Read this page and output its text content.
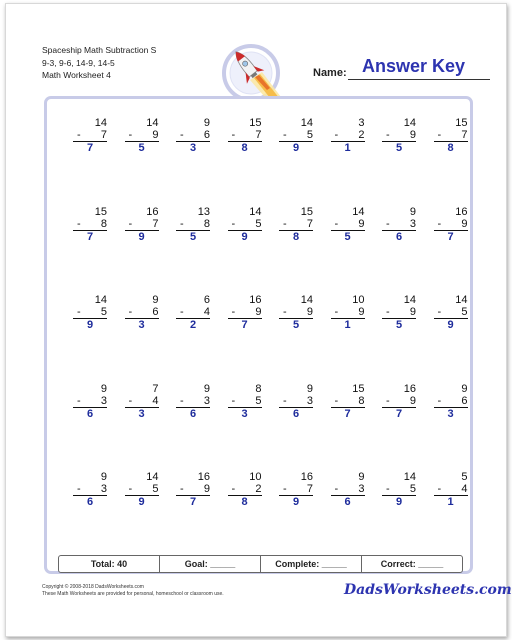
Spaceship Math Subtraction S
9-3, 9-6, 14-9, 14-5
Math Worksheet 4	Name: Answer Key
14
- 7
7
14
- 9
5
9
- 6
3
15
- 7
8
14
- 5
9
3
- 2
1
14
- 9
5
15
- 7
8
15
- 8
7
16
- 7
9
13
- 8
5
14
- 5
9
15
- 7
8
14
- 9
5
9
- 3
6
16
- 9
7
14
- 5
9
9
- 6
3
6
- 4
2
16
- 9
7
14
- 9
5
10
- 9
1
14
- 9
5
14
- 5
9
9
- 3
6
7
- 4
3
9
- 3
6
8
- 5
3
9
- 3
6
15
- 8
7
16
- 9
7
9
- 6
3
9
- 3
6
14
- 5
9
16
- 9
7
10
- 2
8
16
- 7
9
9
- 3
6
14
- 5
9
5
- 4
1
Total: 40	Goal: _____	Complete: _____	Correct: _____
Copyright © 2008-2018 DadsWorksheets.com
These Math Worksheets are provided for personal, homeschool or classroom use.	DadsWorksheets.com
